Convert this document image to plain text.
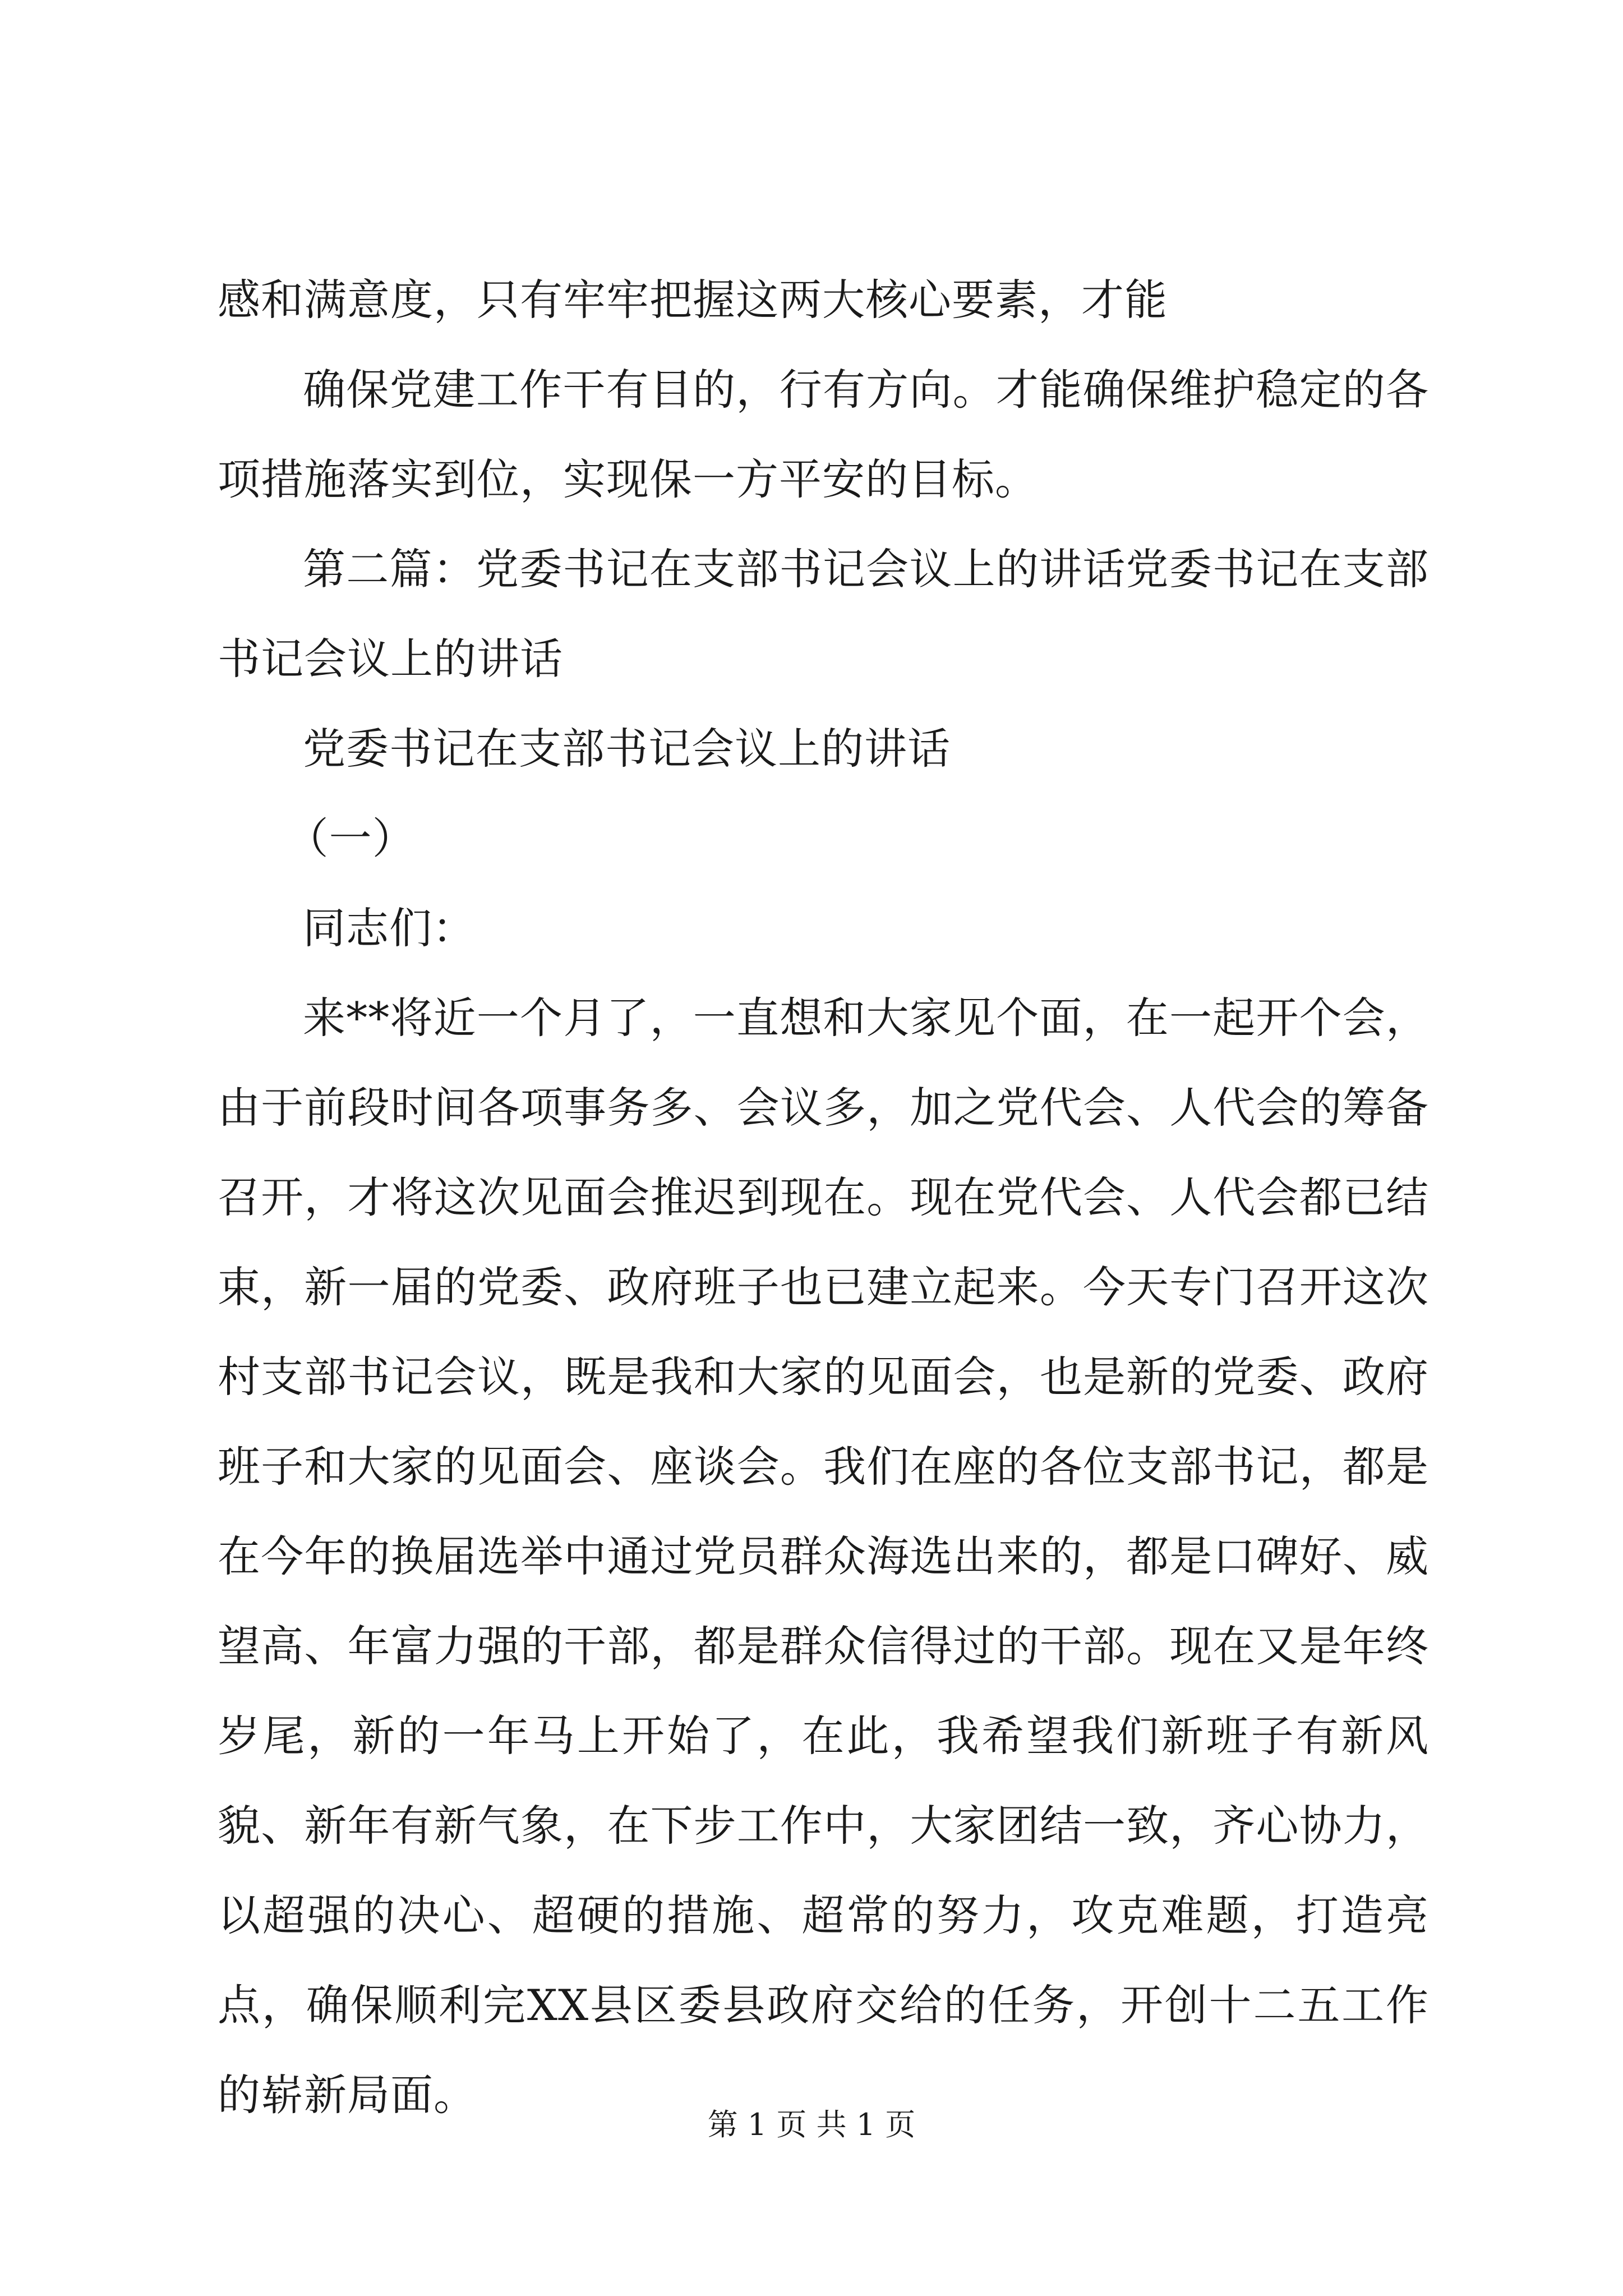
感和满意度，只有牢牢把握这两大核心要素，才能

确保党建工作干有目的，行有方向。才能确保维护稳定的各项措施落实到位，实现保一方平安的目标。

第二篇：党委书记在支部书记会议上的讲话党委书记在支部书记会议上的讲话

党委书记在支部书记会议上的讲话

（一）

同志们：

来**将近一个月了，一直想和大家见个面，在一起开个会，由于前段时间各项事务多、会议多，加之党代会、人代会的筹备召开，才将这次见面会推迟到现在。现在党代会、人代会都已结束，新一届的党委、政府班子也已建立起来。今天专门召开这次村支部书记会议，既是我和大家的见面会，也是新的党委、政府班子和大家的见面会、座谈会。我们在座的各位支部书记，都是在今年的换届选举中通过党员群众海选出来的，都是口碑好、威望高、年富力强的干部，都是群众信得过的干部。现在又是年终岁尾，新的一年马上开始了，在此，我希望我们新班子有新风貌、新年有新气象，在下步工作中，大家团结一致，齐心协力，以超强的决心、超硬的措施、超常的努力，攻克难题，打造亮点，确保顺利完XX县区委县政府交给的任务，开创十二五工作的崭新局面。

第 1 页 共 1 页
